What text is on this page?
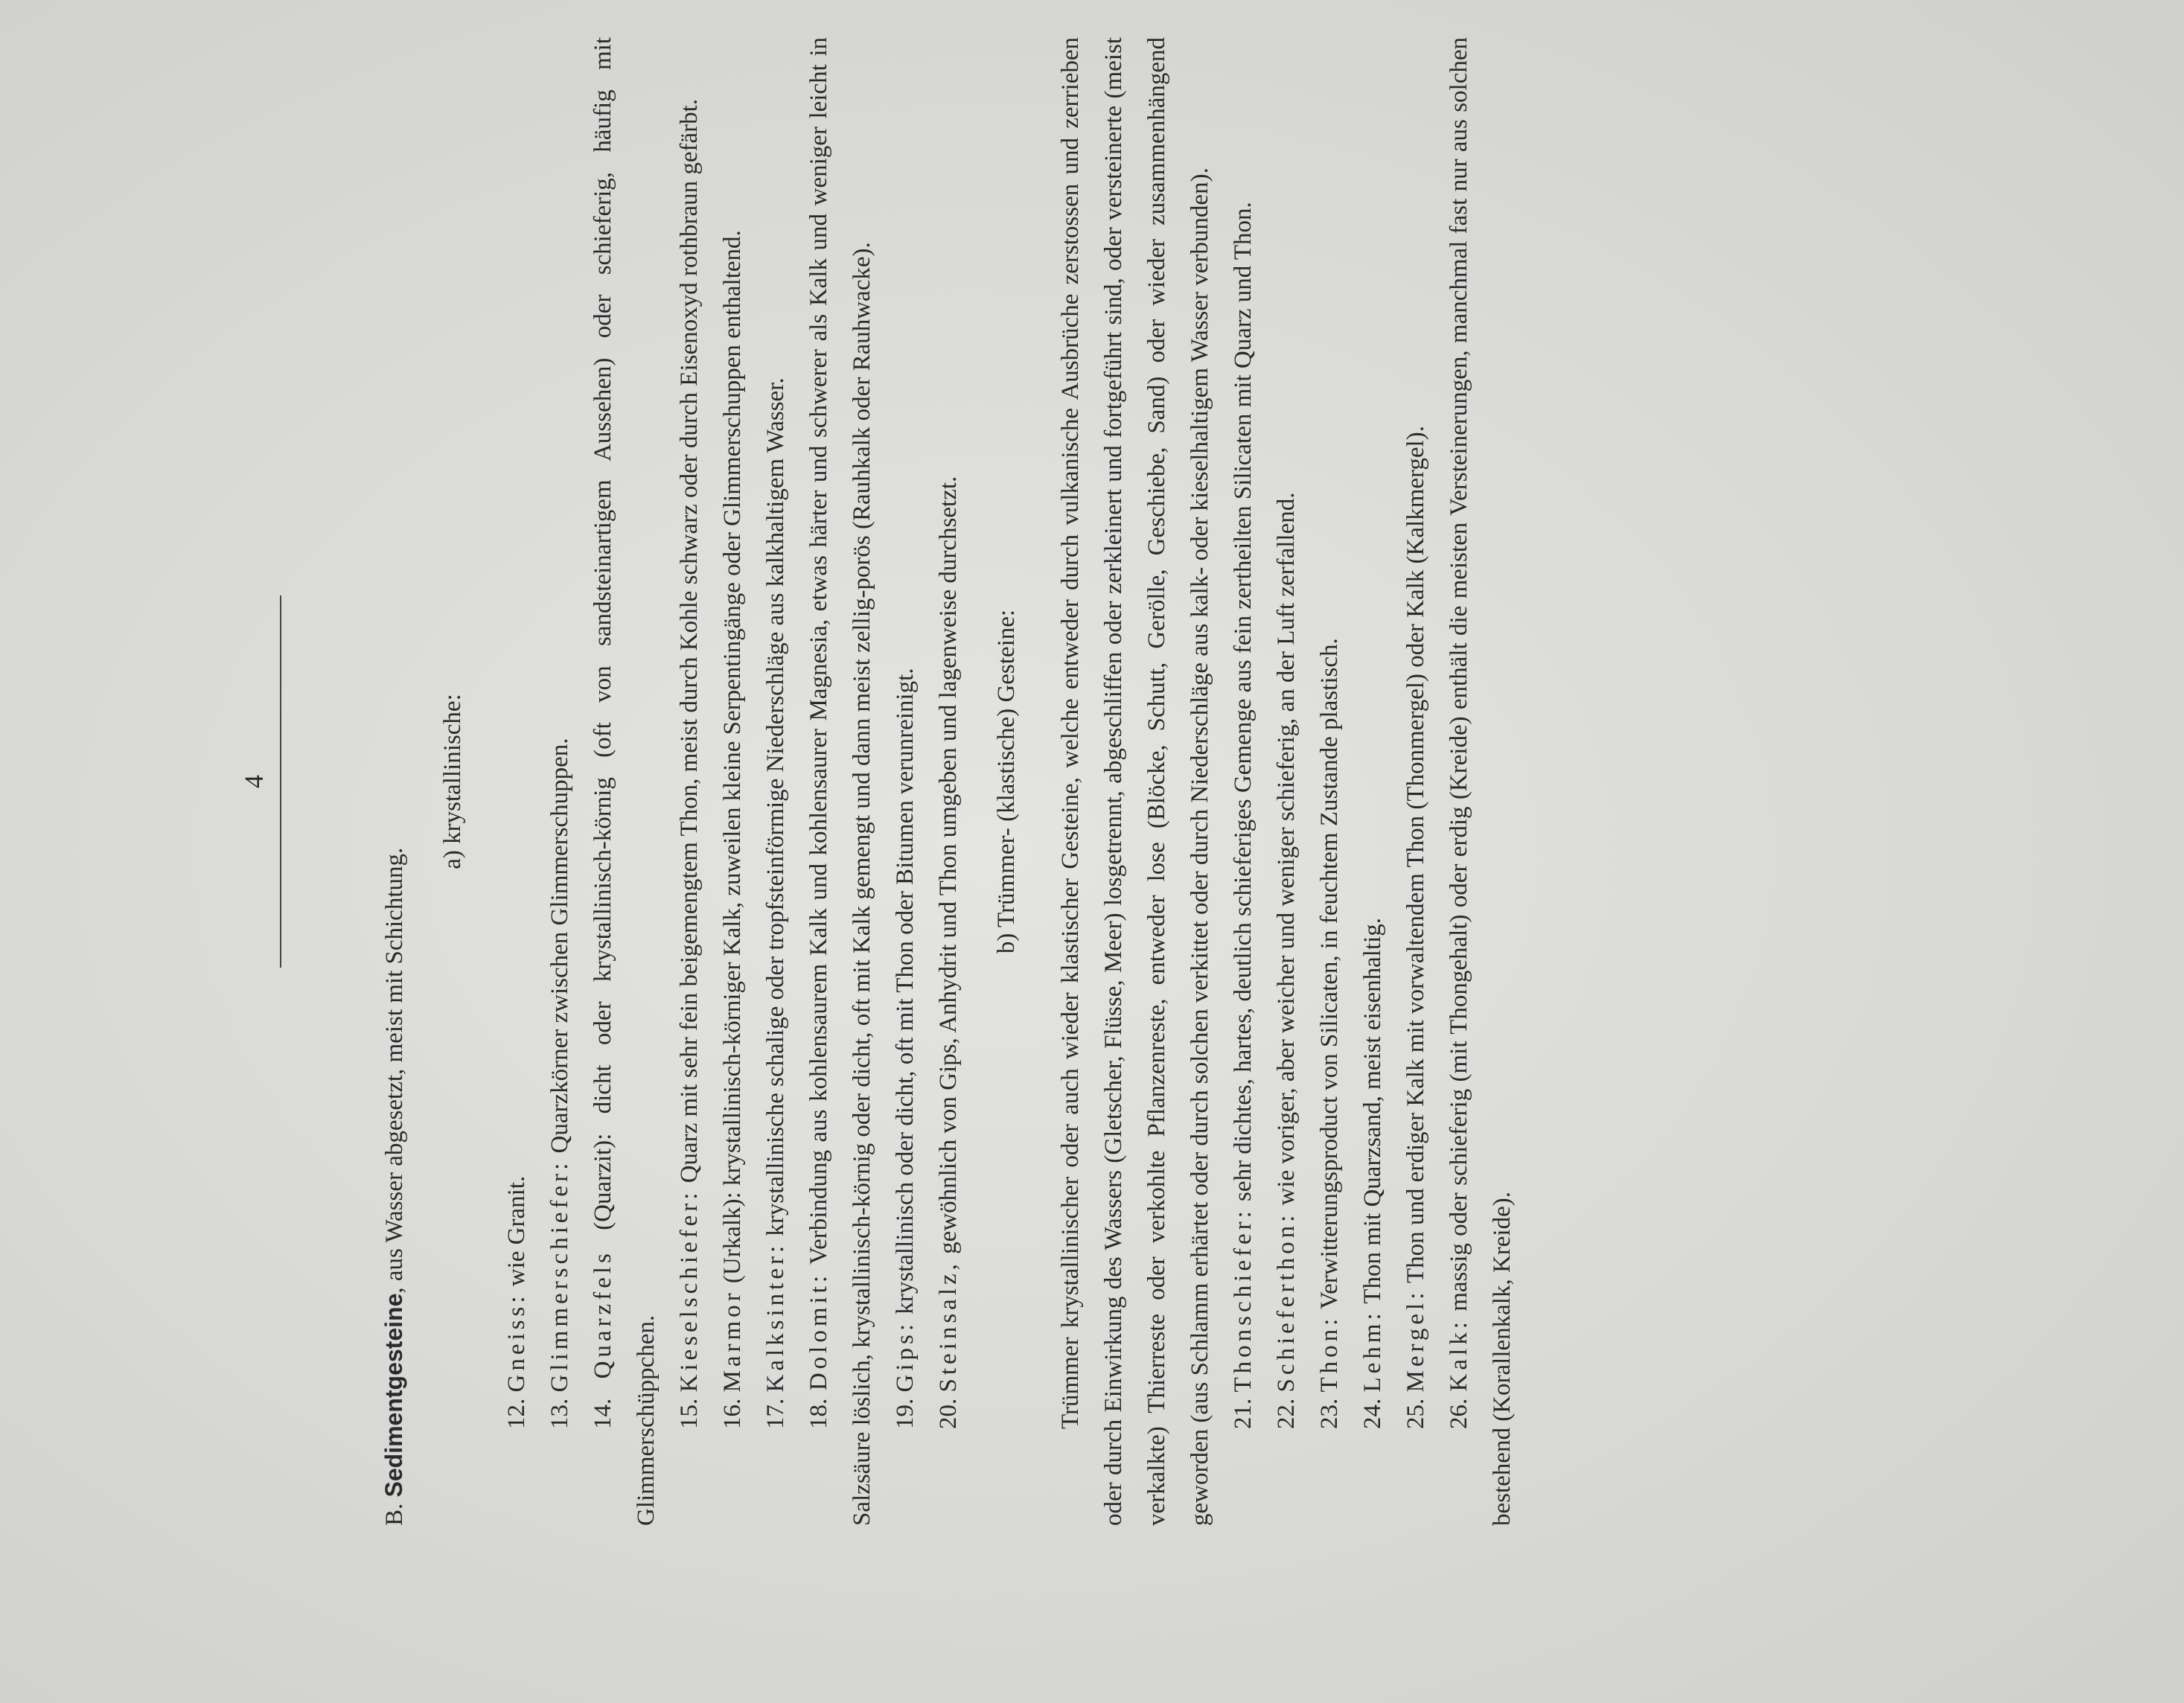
4

B. Sedimentgesteine, aus Wasser abgesetzt, meist mit Schichtung.

a) krystallinische:

12. Gneiss: wie Granit.

13. Glimmerschiefer: Quarzkörner zwischen Glimmerschuppen.

14. Quarzfels (Quarzit): dicht oder krystallinisch-körnig (oft von sandsteinartigem Aussehen) oder schieferig, häufig mit Glimmerschüppchen. 15. Kieselschiefer: Quarz mit sehr fein beigemengtem Thon, meist durch Kohle schwarz oder durch Eisenoxyd rothbraun gefärbt.

16. Marmor (Urkalk): krystallinisch-körniger Kalk, zuweilen kleine Serpentingänge oder Glimmerschuppen enthaltend.

17. Kalksinter: krystallinische schalige oder tropfsteinförmige Niederschläge aus kalkhaltigem Wasser.

18. Dolomit: Verbindung aus kohlensaurem Kalk und kohlensaurer Magnesia, etwas härter und schwerer als Kalk und weniger leicht in Salzsäure löslich, krystallinisch-körnig oder dicht, oft mit Kalk gemengt und dann meist zellig-porös (Rauhkalk oder Rauhwacke). 19. Gips: krystallinisch oder dicht, oft mit Thon oder Bitumen verunreinigt.

20. Steinsalz, gewöhnlich von Gips, Anhydrit und Thon umgeben und lagenweise durchsetzt.	b) Trümmer- (klastische) Gesteine:	Trümmer krystallinischer oder auch wieder klastischer Gesteine, welche entweder durch vulkanische Ausbrüche zerstossen und zerrieben oder durch Einwirkung des Wassers (Gletscher, Flüsse, Meer) losgetrennt, abgeschliffen oder zerkleinert und fortgeführt sind, oder versteinerte (meist verkalkte) Thierreste oder verkohlte Pflanzenreste, entweder lose (Blöcke, Schutt, Gerölle, Geschiebe, Sand) oder wieder zusammenhängend geworden (aus Schlamm erhärtet oder durch solchen verkittet oder durch Niederschläge aus kalk- oder kieselhaltigem Wasser verbunden). 21. Thonschiefer: sehr dichtes, hartes, deutlich schieferiges Gemenge aus fein zertheilten Silicaten mit Quarz und Thon.

22. Schieferthon: wie voriger, aber weicher und weniger schieferig, an der Luft zerfallend.

23. Thon: Verwitterungsproduct von Silicaten, in feuchtem Zustande plastisch.

24. Lehm: Thon mit Quarzsand, meist eisenhaltig.

25. Mergel: Thon und erdiger Kalk mit vorwaltendem Thon (Thonmergel) oder Kalk (Kalkmergel).

26. Kalk: massig oder schieferig (mit Thongehalt) oder erdig (Kreide) enthält die meisten Versteinerungen, manchmal fast nur aus solchen bestehend (Korallenkalk, Kreide).
